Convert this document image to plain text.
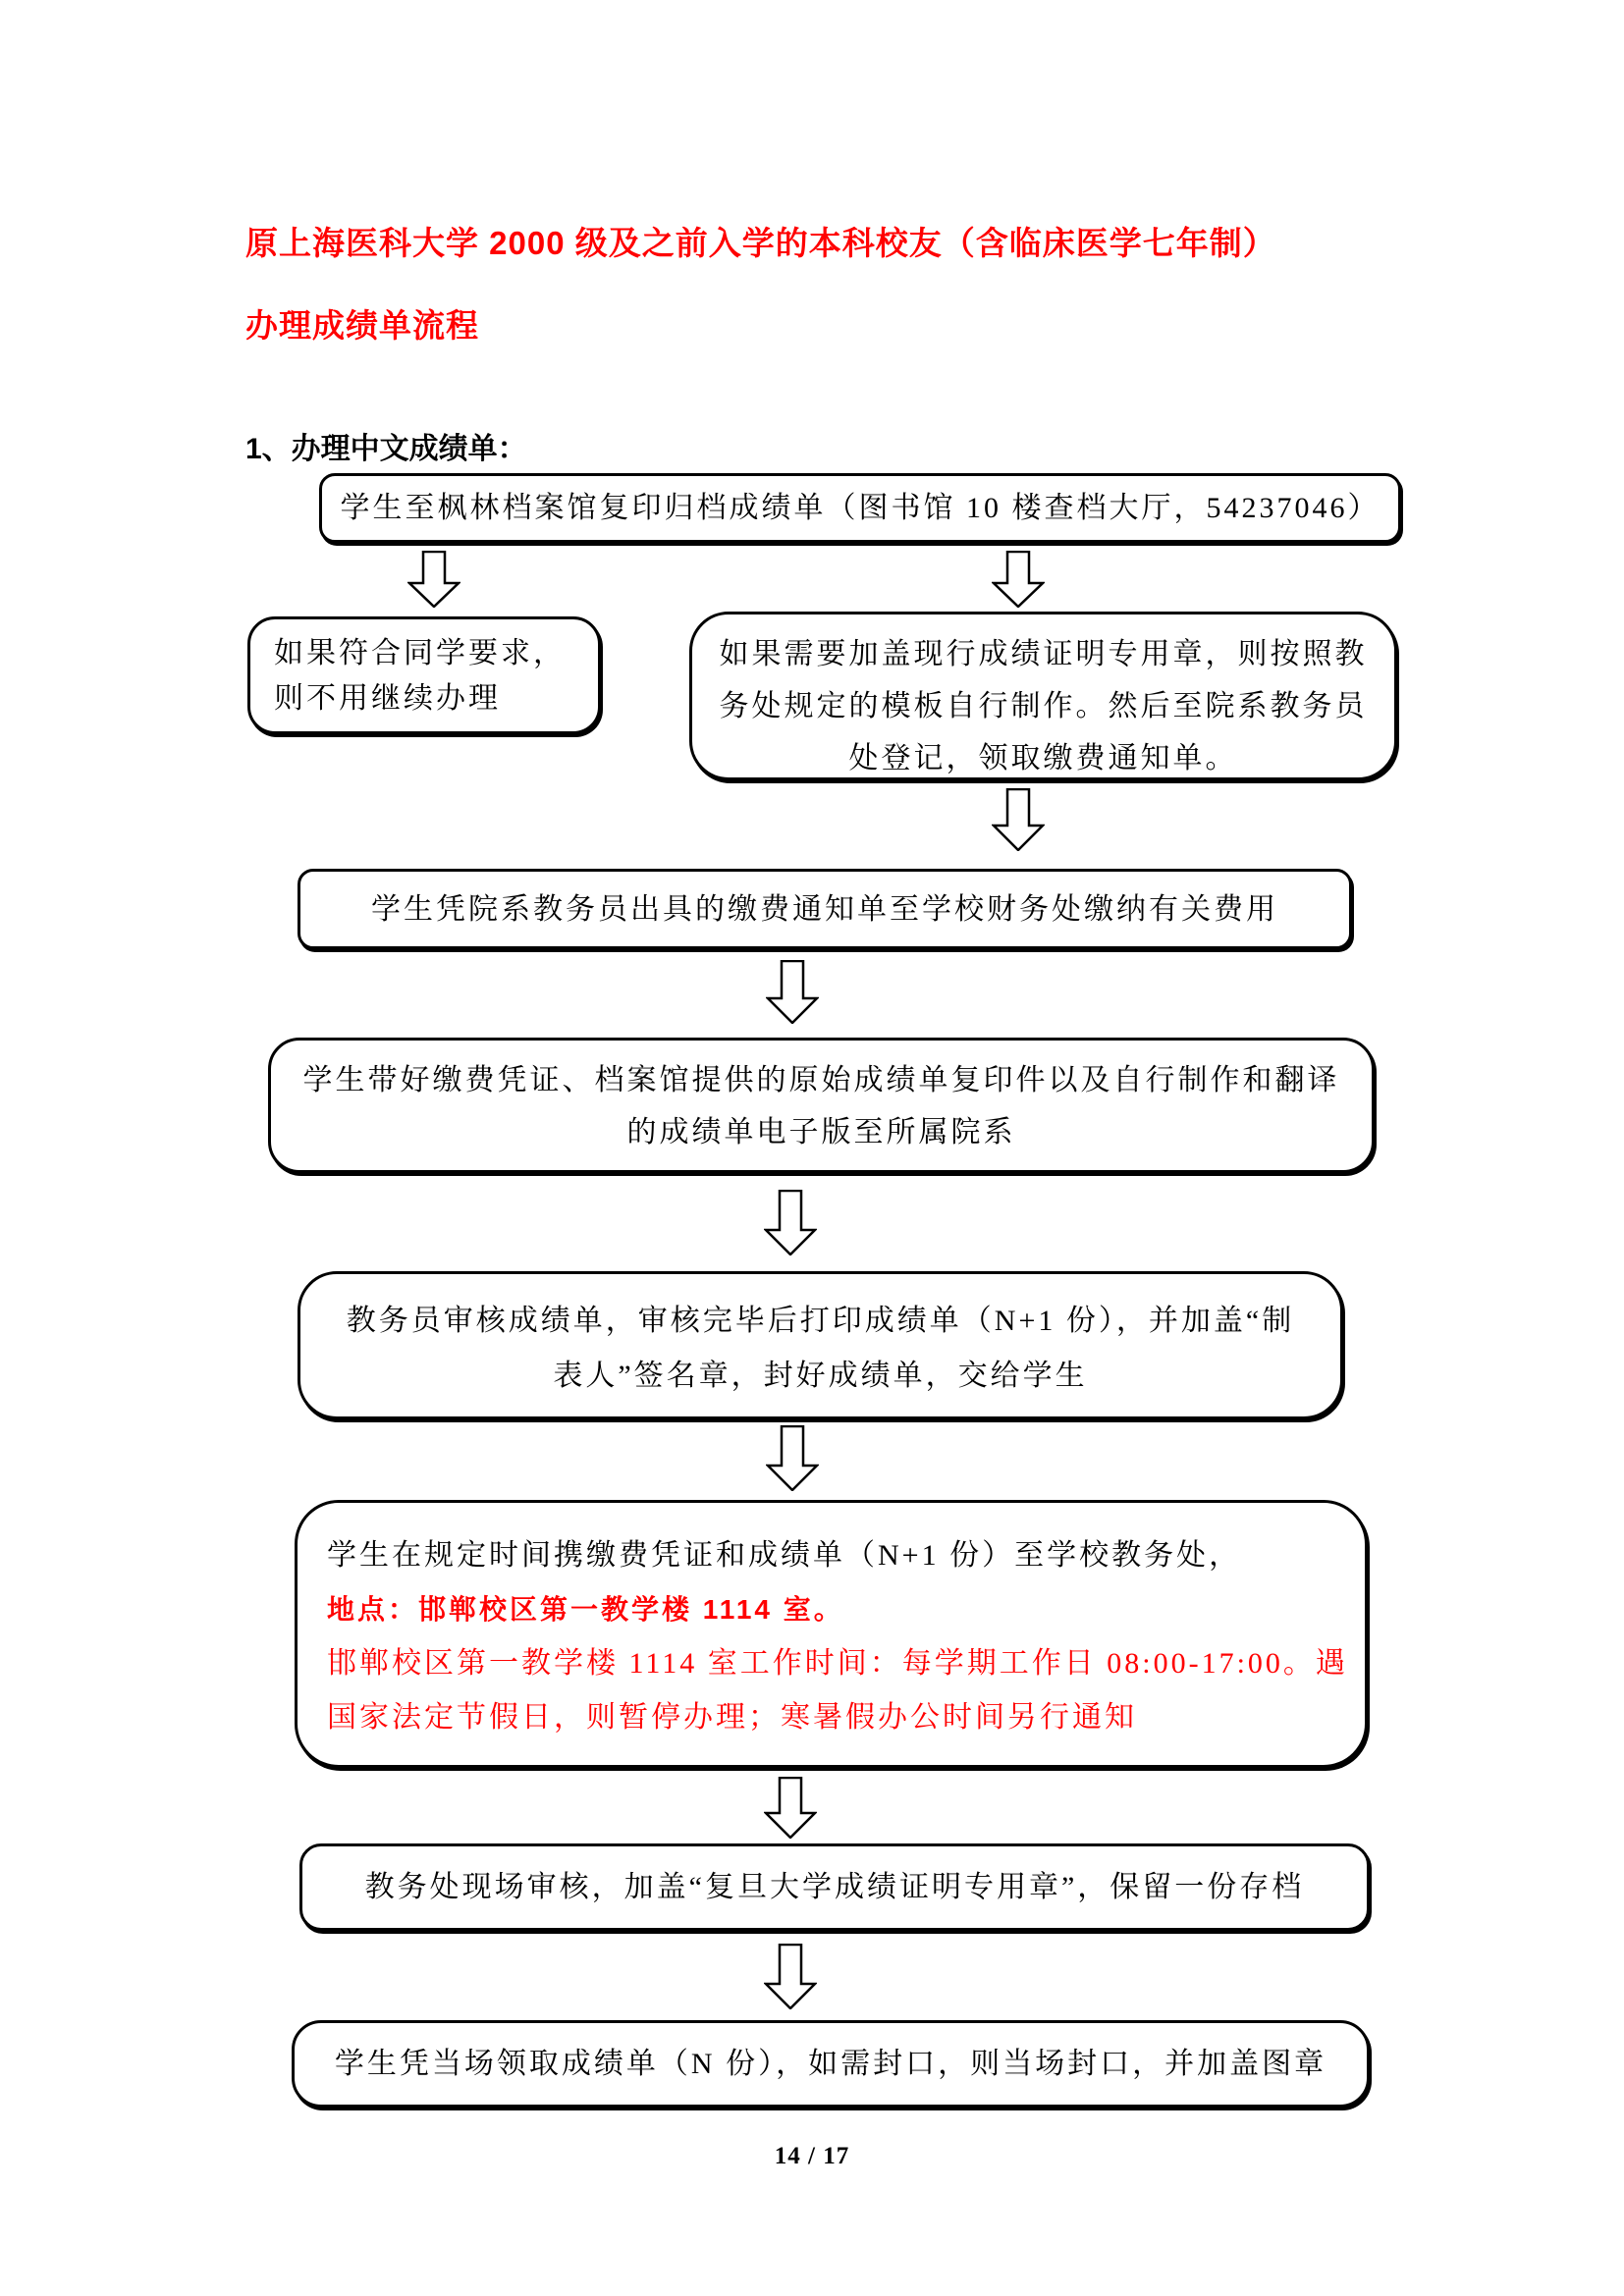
原上海医科大学 2000 级及之前入学的本科校友（含临床医学七年制）
办理成绩单流程
1、办理中文成绩单：
学生至枫林档案馆复印归档成绩单（图书馆 10 楼查档大厅，54237046）
如果符合同学要求，
则不用继续办理
如果需要加盖现行成绩证明专用章，则按照教
务处规定的模板自行制作。然后至院系教务员
处登记，领取缴费通知单。
学生凭院系教务员出具的缴费通知单至学校财务处缴纳有关费用
学生带好缴费凭证、档案馆提供的原始成绩单复印件以及自行制作和翻译
的成绩单电子版至所属院系
教务员审核成绩单，审核完毕后打印成绩单（N+1 份），并加盖“制
表人”签名章，封好成绩单，交给学生
学生在规定时间携缴费凭证和成绩单（N+1 份）至学校教务处，
地点：邯郸校区第一教学楼 1114 室。
邯郸校区第一教学楼 1114 室工作时间：每学期工作日 08:00-17:00。遇
国家法定节假日，则暂停办理；寒暑假办公时间另行通知
教务处现场审核，加盖“复旦大学成绩证明专用章”，保留一份存档
学生凭当场领取成绩单（N 份），如需封口，则当场封口，并加盖图章
14 / 17
